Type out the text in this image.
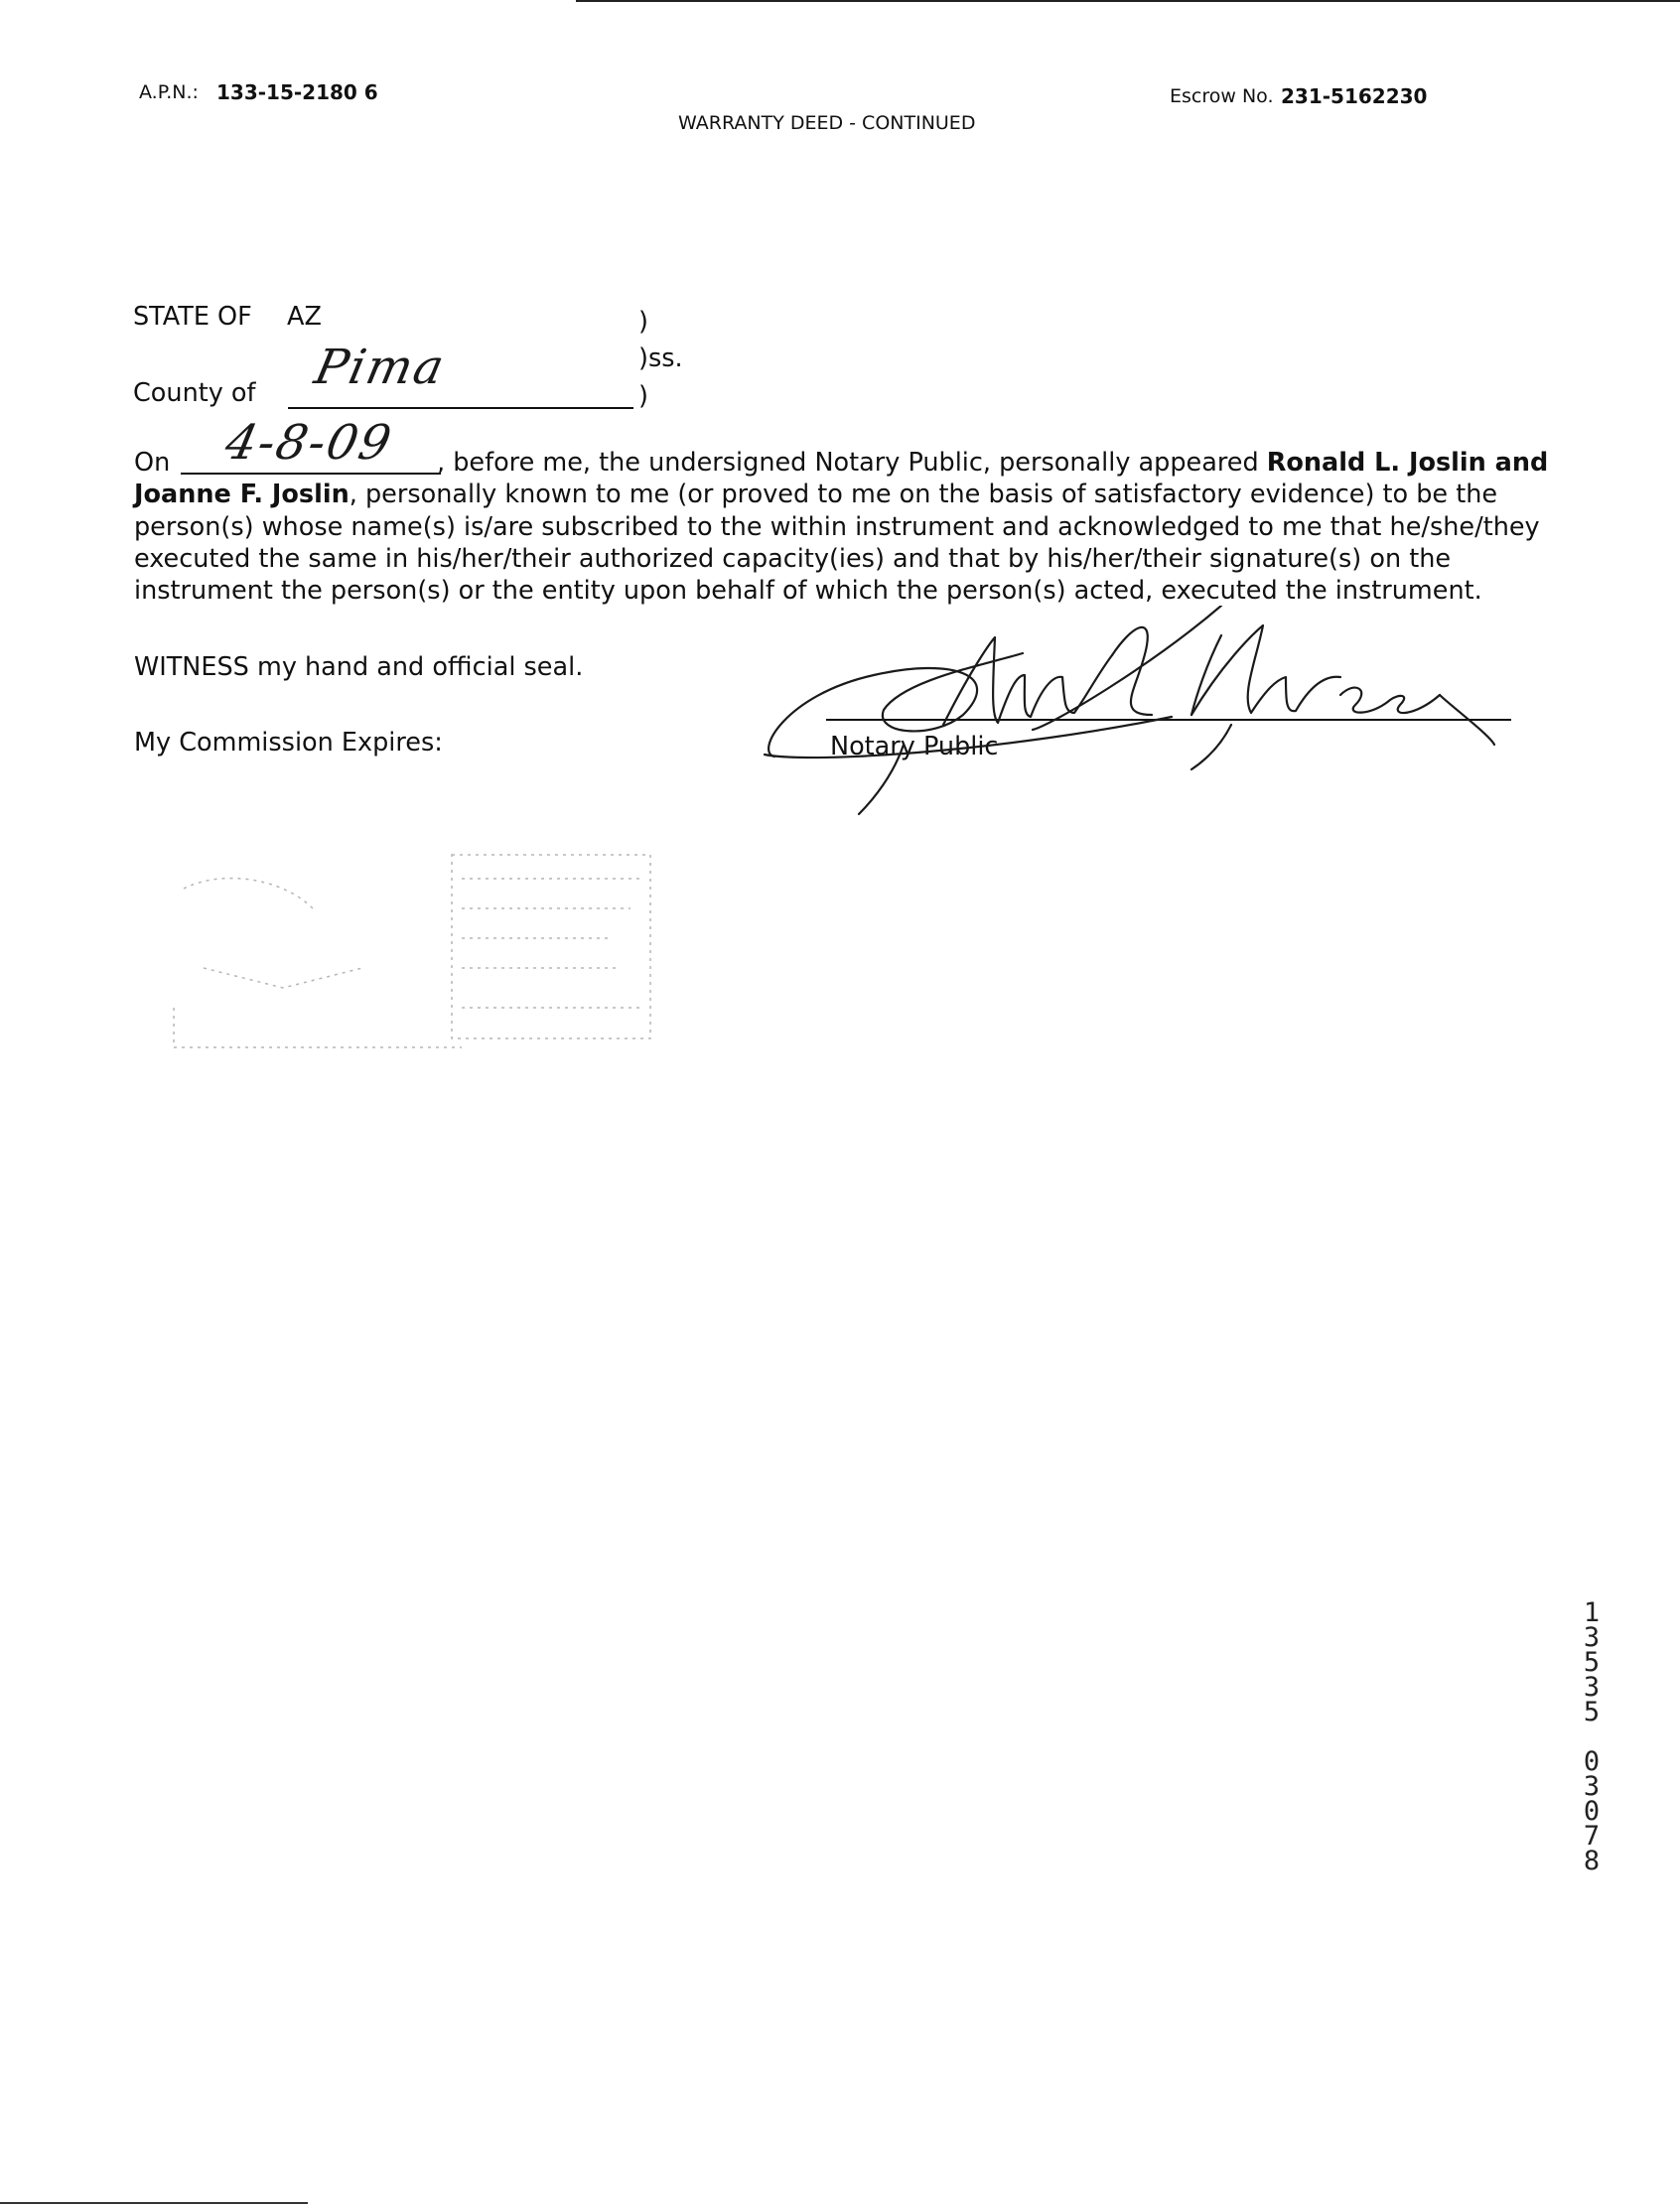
A.P.N.: 133-15-2180 6
WARRANTY DEED - CONTINUED
Escrow No. 231-5162230
STATE OF AZ	)
)ss.
County of Pima
)
On 4-8-09 , before me, the undersigned Notary Public, personally appeared Ronald L. Joslin and
Joanne F. Joslin, personally known to me (or proved to me on the basis of satisfactory evidence) to be the
person(s) whose name(s) is/are subscribed to the within instrument and acknowledged to me that he/she/they
executed the same in his/her/their authorized capacity(ies) and that by his/her/their signature(s) on the
instrument the person(s) or the entity upon behalf of which the person(s) acted, executed the instrument.
WITNESS my hand and official seal.
My Commission Expires:	Notary Public
1
3
5
3
5
0
3
0
7
8
